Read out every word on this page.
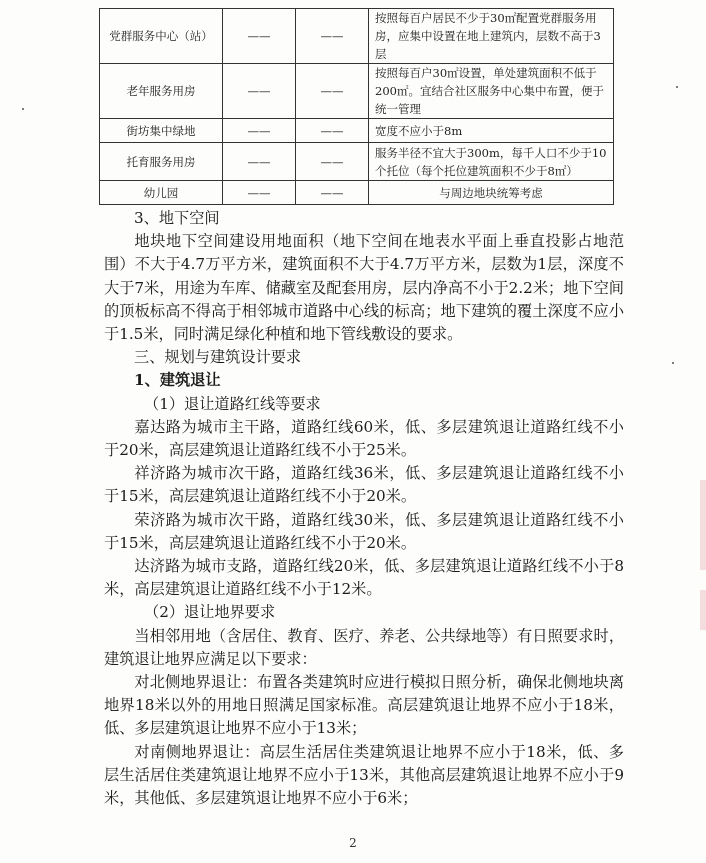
党群服务中心（站）	——	——	按照每百户居民不少于30㎡配置党群服务用房，应集中设置在地上建筑内，层数不高于3层
老年服务用房	——	——	按照每百户30㎡设置，单处建筑面积不低于200㎡。宜结合社区服务中心集中布置，便于统一管理
街坊集中绿地	——	——	宽度不应小于8m
托育服务用房	——	——	服务半径不宜大于300m，每千人口不少于10个托位（每个托位建筑面积不少于8㎡）
幼儿园	——	——	与周边地块统筹考虑

3、地下空间

地块地下空间建设用地面积（地下空间在地表水平面上垂直投影占地范围）不大于4.7万平方米，建筑面积不大于4.7万平方米，层数为1层，深度不大于7米，用途为车库、储藏室及配套用房，层内净高不小于2.2米；地下空间的顶板标高不得高于相邻城市道路中心线的标高；地下建筑的覆土深度不应小于1.5米，同时满足绿化种植和地下管线敷设的要求。

三、规划与建筑设计要求

1、建筑退让

（1）退让道路红线等要求

嘉达路为城市主干路，道路红线60米，低、多层建筑退让道路红线不小于20米，高层建筑退让道路红线不小于25米。

祥济路为城市次干路，道路红线36米，低、多层建筑退让道路红线不小于15米，高层建筑退让道路红线不小于20米。

荣济路为城市次干路，道路红线30米，低、多层建筑退让道路红线不小于15米，高层建筑退让道路红线不小于20米。

达济路为城市支路，道路红线20米，低、多层建筑退让道路红线不小于8米，高层建筑退让道路红线不小于12米。

（2）退让地界要求

当相邻用地（含居住、教育、医疗、养老、公共绿地等）有日照要求时，建筑退让地界应满足以下要求：

对北侧地界退让：布置各类建筑时应进行模拟日照分析，确保北侧地块离地界18米以外的用地日照满足国家标准。高层建筑退让地界不应小于18米，低、多层建筑退让地界不应小于13米；

对南侧地界退让：高层生活居住类建筑退让地界不应小于18米，低、多层生活居住类建筑退让地界不应小于13米，其他高层建筑退让地界不应小于9米，其他低、多层建筑退让地界不应小于6米；

2
